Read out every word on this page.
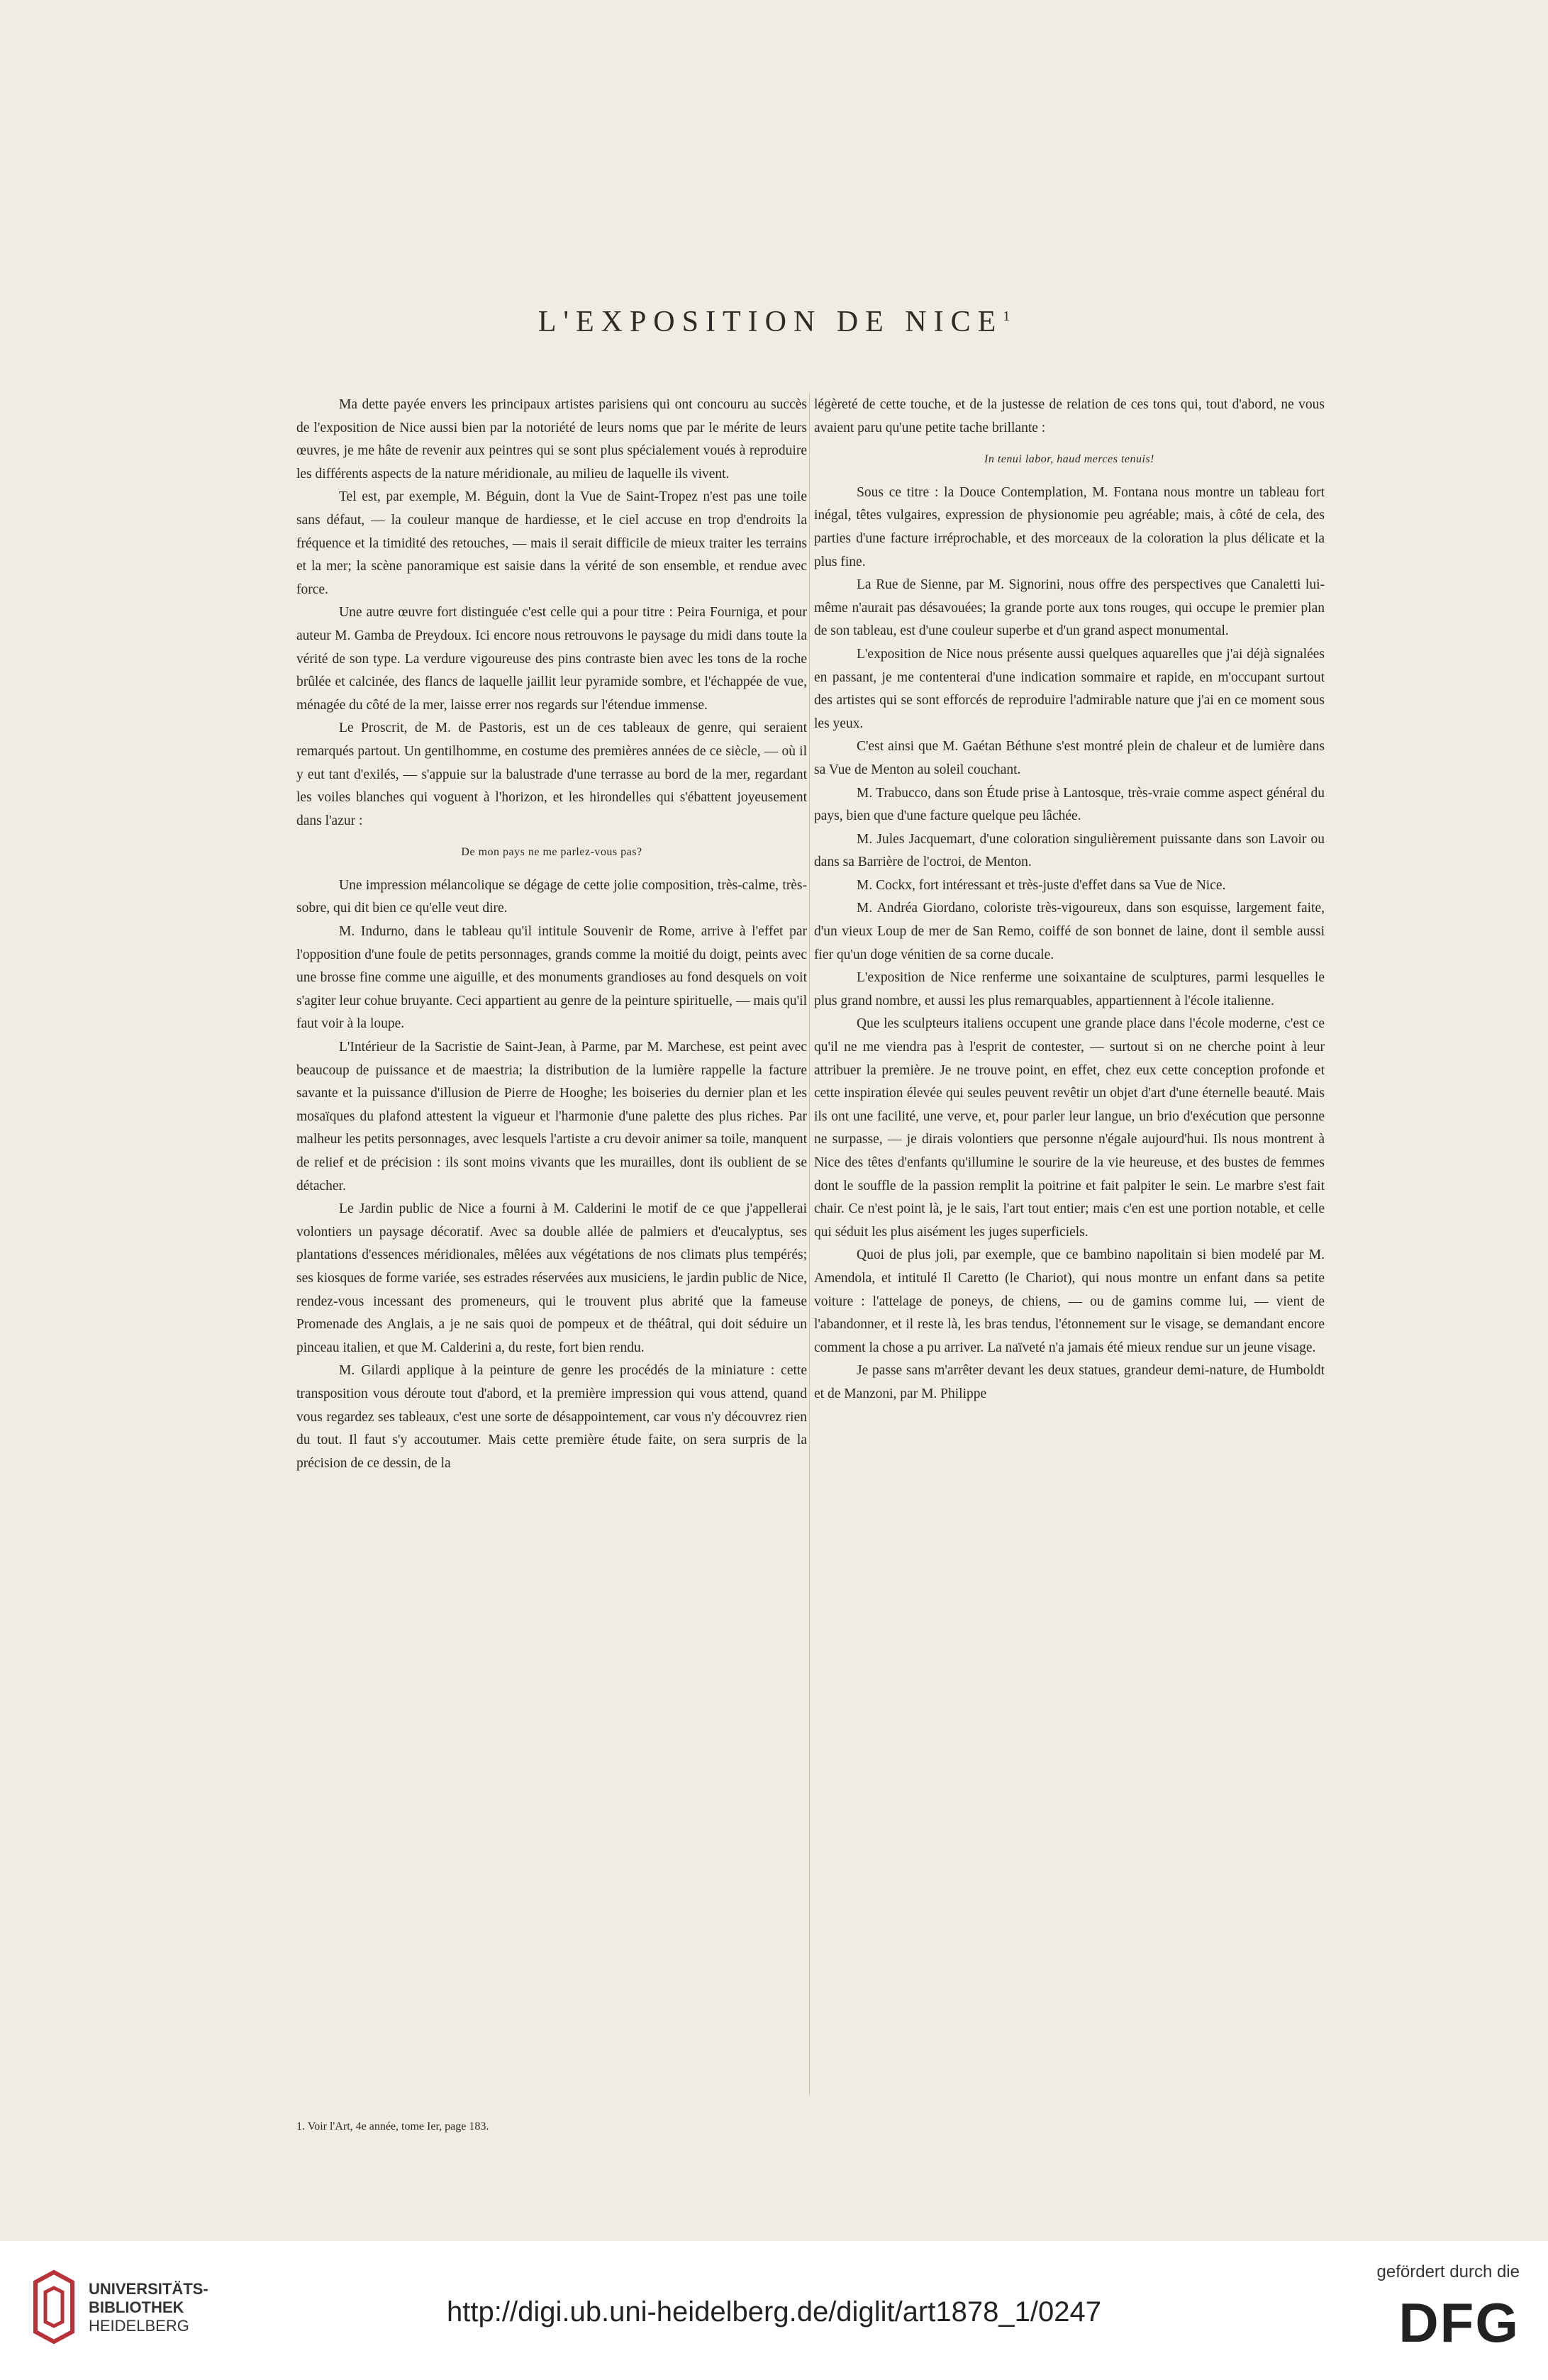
L'EXPOSITION DE NICE$^1$

Ma dette payée envers les principaux artistes parisiens qui ont concouru au succès de l'exposition de Nice aussi bien par la notoriété de leurs noms que par le mérite de leurs œuvres, je me hâte de revenir aux peintres qui se sont plus spécialement voués à reproduire les différents aspects de la nature méridionale, au milieu de laquelle ils vivent.

Tel est, par exemple, M. Béguin, dont la Vue de Saint-Tropez n'est pas une toile sans défaut, — la couleur manque de hardiesse, et le ciel accuse en trop d'endroits la fréquence et la timidité des retouches, — mais il serait difficile de mieux traiter les terrains et la mer; la scène panoramique est saisie dans la vérité de son ensemble, et rendue avec force.

Une autre œuvre fort distinguée c'est celle qui a pour titre : Peira Fourniga, et pour auteur M. Gamba de Preydoux. Ici encore nous retrouvons le paysage du midi dans toute la vérité de son type. La verdure vigoureuse des pins contraste bien avec les tons de la roche brûlée et calcinée, des flancs de laquelle jaillit leur pyramide sombre, et l'échappée de vue, ménagée du côté de la mer, laisse errer nos regards sur l'étendue immense.

Le Proscrit, de M. de Pastoris, est un de ces tableaux de genre, qui seraient remarqués partout. Un gentilhomme, en costume des premières années de ce siècle, — où il y eut tant d'exilés, — s'appuie sur la balustrade d'une terrasse au bord de la mer, regardant les voiles blanches qui voguent à l'horizon, et les hirondelles qui s'ébattent joyeusement dans l'azur :

De mon pays ne me parlez-vous pas?

Une impression mélancolique se dégage de cette jolie composition, très-calme, très-sobre, qui dit bien ce qu'elle veut dire.

M. Indurno, dans le tableau qu'il intitule Souvenir de Rome, arrive à l'effet par l'opposition d'une foule de petits personnages, grands comme la moitié du doigt, peints avec une brosse fine comme une aiguille, et des monuments grandioses au fond desquels on voit s'agiter leur cohue bruyante. Ceci appartient au genre de la peinture spirituelle, — mais qu'il faut voir à la loupe.

L'Intérieur de la Sacristie de Saint-Jean, à Parme, par M. Marchese, est peint avec beaucoup de puissance et de maestria; la distribution de la lumière rappelle la facture savante et la puissance d'illusion de Pierre de Hooghe; les boiseries du dernier plan et les mosaïques du plafond attestent la vigueur et l'harmonie d'une palette des plus riches. Par malheur les petits personnages, avec lesquels l'artiste a cru devoir animer sa toile, manquent de relief et de précision : ils sont moins vivants que les murailles, dont ils oublient de se détacher.

Le Jardin public de Nice a fourni à M. Calderini le motif de ce que j'appellerai volontiers un paysage décoratif. Avec sa double allée de palmiers et d'eucalyptus, ses plantations d'essences méridionales, mêlées aux végétations de nos climats plus tempérés; ses kiosques de forme variée, ses estrades réservées aux musiciens, le jardin public de Nice, rendez-vous incessant des promeneurs, qui le trouvent plus abrité que la fameuse Promenade des Anglais, a je ne sais quoi de pompeux et de théâtral, qui doit séduire un pinceau italien, et que M. Calderini a, du reste, fort bien rendu.

M. Gilardi applique à la peinture de genre les procédés de la miniature : cette transposition vous déroute tout d'abord, et la première impression qui vous attend, quand vous regardez ses tableaux, c'est une sorte de désappointement, car vous n'y découvrez rien du tout. Il faut s'y accoutumer. Mais cette première étude faite, on sera surpris de la précision de ce dessin, de la

légèreté de cette touche, et de la justesse de relation de ces tons qui, tout d'abord, ne vous avaient paru qu'une petite tache brillante :

In tenui labor, haud merces tenuis!

Sous ce titre : la Douce Contemplation, M. Fontana nous montre un tableau fort inégal, têtes vulgaires, expression de physionomie peu agréable; mais, à côté de cela, des parties d'une facture irréprochable, et des morceaux de la coloration la plus délicate et la plus fine.

La Rue de Sienne, par M. Signorini, nous offre des perspectives que Canaletti lui-même n'aurait pas désavouées; la grande porte aux tons rouges, qui occupe le premier plan de son tableau, est d'une couleur superbe et d'un grand aspect monumental.

L'exposition de Nice nous présente aussi quelques aquarelles que j'ai déjà signalées en passant, je me contenterai d'une indication sommaire et rapide, en m'occupant surtout des artistes qui se sont efforcés de reproduire l'admirable nature que j'ai en ce moment sous les yeux.

C'est ainsi que M. Gaétan Béthune s'est montré plein de chaleur et de lumière dans sa Vue de Menton au soleil couchant.

M. Trabucco, dans son Étude prise à Lantosque, très-vraie comme aspect général du pays, bien que d'une facture quelque peu lâchée.

M. Jules Jacquemart, d'une coloration singulièrement puissante dans son Lavoir ou dans sa Barrière de l'octroi, de Menton.

M. Cockx, fort intéressant et très-juste d'effet dans sa Vue de Nice.

M. Andréa Giordano, coloriste très-vigoureux, dans son esquisse, largement faite, d'un vieux Loup de mer de San Remo, coiffé de son bonnet de laine, dont il semble aussi fier qu'un doge vénitien de sa corne ducale.

L'exposition de Nice renferme une soixantaine de sculptures, parmi lesquelles le plus grand nombre, et aussi les plus remarquables, appartiennent à l'école italienne.

Que les sculpteurs italiens occupent une grande place dans l'école moderne, c'est ce qu'il ne me viendra pas à l'esprit de contester, — surtout si on ne cherche point à leur attribuer la première. Je ne trouve point, en effet, chez eux cette conception profonde et cette inspiration élevée qui seules peuvent revêtir un objet d'art d'une éternelle beauté. Mais ils ont une facilité, une verve, et, pour parler leur langue, un brio d'exécution que personne ne surpasse, — je dirais volontiers que personne n'égale aujourd'hui. Ils nous montrent à Nice des têtes d'enfants qu'illumine le sourire de la vie heureuse, et des bustes de femmes dont le souffle de la passion remplit la poitrine et fait palpiter le sein. Le marbre s'est fait chair. Ce n'est point là, je le sais, l'art tout entier; mais c'en est une portion notable, et celle qui séduit les plus aisément les juges superficiels.

Quoi de plus joli, par exemple, que ce bambino napolitain si bien modelé par M. Amendola, et intitulé Il Caretto (le Chariot), qui nous montre un enfant dans sa petite voiture : l'attelage de poneys, de chiens, — ou de gamins comme lui, — vient de l'abandonner, et il reste là, les bras tendus, l'étonnement sur le visage, se demandant encore comment la chose a pu arriver. La naïveté n'a jamais été mieux rendue sur un jeune visage.

Je passe sans m'arrêter devant les deux statues, grandeur demi-nature, de Humboldt et de Manzoni, par M. Philippe

1. Voir l'Art, 4e année, tome Ier, page 183.
UNIVERSITÄTS-
BIBLIOTHEK
HEIDELBERG	http://digi.ub.uni-heidelberg.de/diglit/art1878_1/0247
gefördert durch die
DFG
